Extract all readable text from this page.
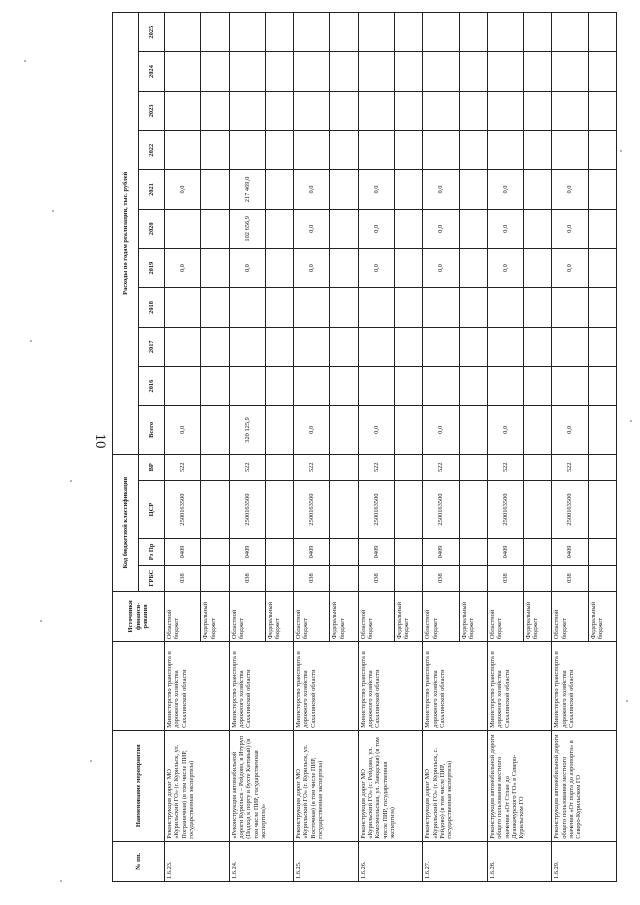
10
№ пп.	Наименование мероприятия		Источники финанси-рования	Код бюджетной классификации				Расходы по годам реализации, тыс. рублей										
				ГРБС	Рз Пр	ЦСР	ВР	Всего	2016	2017	2018	2019	2020	2021	2022	2023	2024	2025
1.6.23.	Реконструкция дорог МО «Курильский ГО» (г. Курильск, ул. Пограничная) (в том числе ПИР, государственная экспертиза)	Министерство транспорта и дорожного хозяйства Сахалинской области	Областной бюджет	038	0409	2500163500	522	0,0				0,0		0,0				
			Федеральный бюджет															
1.6.24.	«Реконструкция автомобильной дороги Курильск – Рейдово, в Итуруп (Подход к порту в бухте Китовый) (в том числе ПИР, государственная экспертиза)»	Министерство транспорта и дорожного хозяйства Сахалинской области	Областной бюджет	038	0409	2500163500	522	320 125,9				0,0	102 656,9	217 469,0				
			Федеральный бюджет															
1.6.25.	Реконструкция дорог МО «Курильский ГО» (г. Курильск, ул. Восточная) (в том числе ПИР, государственная экспертиза)	Министерство транспорта и дорожного хозяйства Сахалинской области	Областной бюджет	038	0409	2500163500	522	0,0				0,0	0,0	0,0				
			Федеральный бюджет															
1.6.26.	Реконструкция дорог МО «Курильский ГО» (с. Рейдово, ул. Комсомольская, ул. Заводская) (в том числе ПИР, государственная экспертиза)	Министерство транспорта и дорожного хозяйства Сахалинской области	Областной бюджет	038	0409	2500163500	522	0,0				0,0	0,0	0,0				
			Федеральный бюджет															
1.6.27.	Реконструкция дорог МО «Курильский ГО» (г. Курильск, с. Рейдово) (в том числе ПИР, государственная экспертиза)	Министерство транспорта и дорожного хозяйства Сахалинской области	Областной бюджет	038	0409	2500163500	522	0,0				0,0	0,0	0,0				
			Федеральный бюджет															
1.6.28.	Реконструкция автомобильной дороги общего пользования местного значения «От Стлан до Деанкачурского ГО» в Северо-Курильском ГО	Министерство транспорта и дорожного хозяйства Сахалинской области	Областной бюджет	038	0409	2500163500	522	0,0				0,0	0,0	0,0				
			Федеральный бюджет															
1.6.29.	Реконструкция автомобильной дороги общего пользования местного значения «От порта до аэропорта» в Северо-Курильском ГО	Министерство транспорта и дорожного хозяйства Сахалинской области	Областной бюджет	038	0409	2500163500	522	0,0				0,0	0,0	0,0				
			Федеральный бюджет															
